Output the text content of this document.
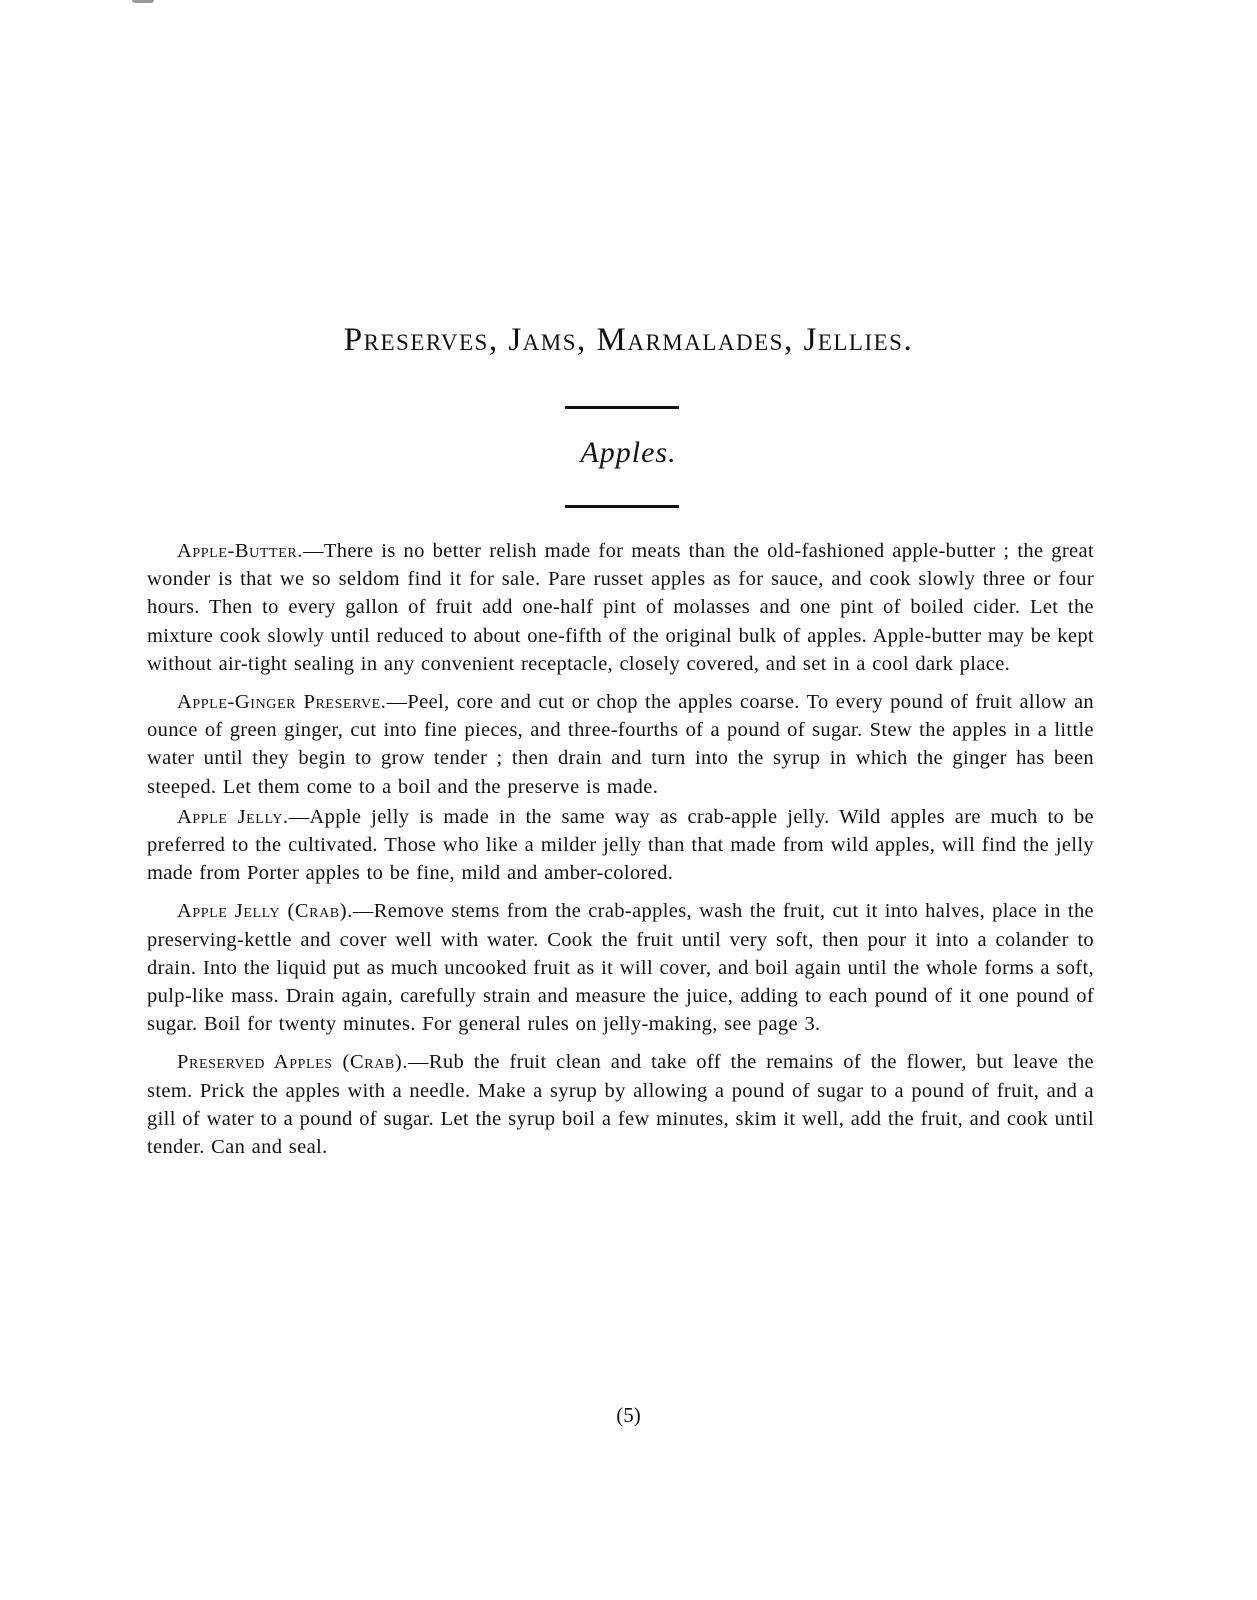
Preserves, Jams, Marmalades, Jellies.
Apples.

Apple-Butter.—There is no better relish made for meats than the old-fashioned apple-butter ; the great wonder is that we so seldom find it for sale. Pare russet apples as for sauce, and cook slowly three or four hours. Then to every gallon of fruit add one-half pint of molasses and one pint of boiled cider. Let the mixture cook slowly until reduced to about one-fifth of the original bulk of apples. Apple-butter may be kept without air-tight sealing in any convenient receptacle, closely covered, and set in a cool dark place.

Apple-Ginger Preserve.—Peel, core and cut or chop the apples coarse. To every pound of fruit allow an ounce of green ginger, cut into fine pieces, and three-fourths of a pound of sugar. Stew the apples in a little water until they begin to grow tender ; then drain and turn into the syrup in which the ginger has been steeped. Let them come to a boil and the preserve is made.

Apple Jelly.—Apple jelly is made in the same way as crab-apple jelly. Wild apples are much to be preferred to the cultivated. Those who like a milder jelly than that made from wild apples, will find the jelly made from Porter apples to be fine, mild and amber-colored.

Apple Jelly (Crab).—Remove stems from the crab-apples, wash the fruit, cut it into halves, place in the preserving-kettle and cover well with water. Cook the fruit until very soft, then pour it into a colander to drain. Into the liquid put as much uncooked fruit as it will cover, and boil again until the whole forms a soft, pulp-like mass. Drain again, carefully strain and measure the juice, adding to each pound of it one pound of sugar. Boil for twenty minutes. For general rules on jelly-making, see page 3.

Preserved Apples (Crab).—Rub the fruit clean and take off the remains of the flower, but leave the stem. Prick the apples with a needle. Make a syrup by allowing a pound of sugar to a pound of fruit, and a gill of water to a pound of sugar. Let the syrup boil a few minutes, skim it well, add the fruit, and cook until tender. Can and seal.

(5)
